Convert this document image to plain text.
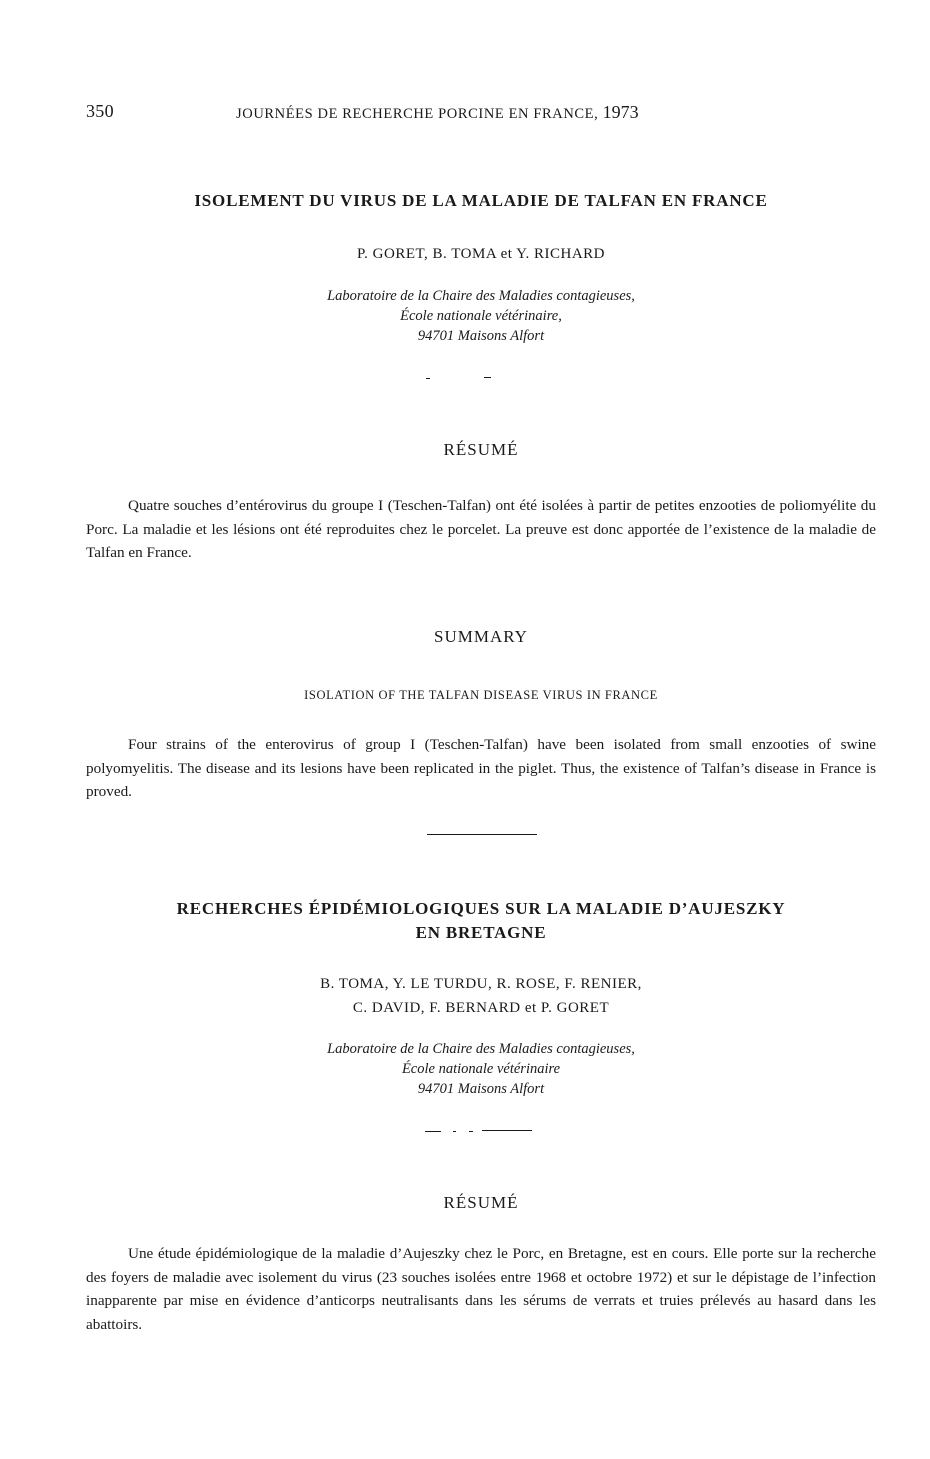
350	JOURNÉES DE RECHERCHE PORCINE EN FRANCE, 1973
ISOLEMENT DU VIRUS DE LA MALADIE DE TALFAN EN FRANCE
P. GORET, B. TOMA et Y. RICHARD
Laboratoire de la Chaire des Maladies contagieuses,
École nationale vétérinaire,
94701 Maisons Alfort
RÉSUMÉ
Quatre souches d’entérovirus du groupe I (Teschen-Talfan) ont été isolées à partir de petites enzooties de poliomyélite du Porc. La maladie et les lésions ont été reproduites chez le porcelet. La preuve est donc apportée de l’existence de la maladie de Talfan en France.
SUMMARY
ISOLATION OF THE TALFAN DISEASE VIRUS IN FRANCE
Four strains of the enterovirus of group I (Teschen-Talfan) have been isolated from small enzooties of swine polyomyelitis. The disease and its lesions have been replicated in the piglet. Thus, the existence of Talfan’s disease in France is proved.
RECHERCHES ÉPIDÉMIOLOGIQUES SUR LA MALADIE D’AUJESZKY
EN BRETAGNE
B. TOMA, Y. LE TURDU, R. ROSE, F. RENIER,
C. DAVID, F. BERNARD et P. GORET
Laboratoire de la Chaire des Maladies contagieuses,
École nationale vétérinaire
94701 Maisons Alfort
RÉSUMÉ
Une étude épidémiologique de la maladie d’Aujeszky chez le Porc, en Bretagne, est en cours. Elle porte sur la recherche des foyers de maladie avec isolement du virus (23 souches isolées entre 1968 et octobre 1972) et sur le dépistage de l’infection inapparente par mise en évidence d’anticorps neutralisants dans les sérums de verrats et truies prélevés au hasard dans les abattoirs.
